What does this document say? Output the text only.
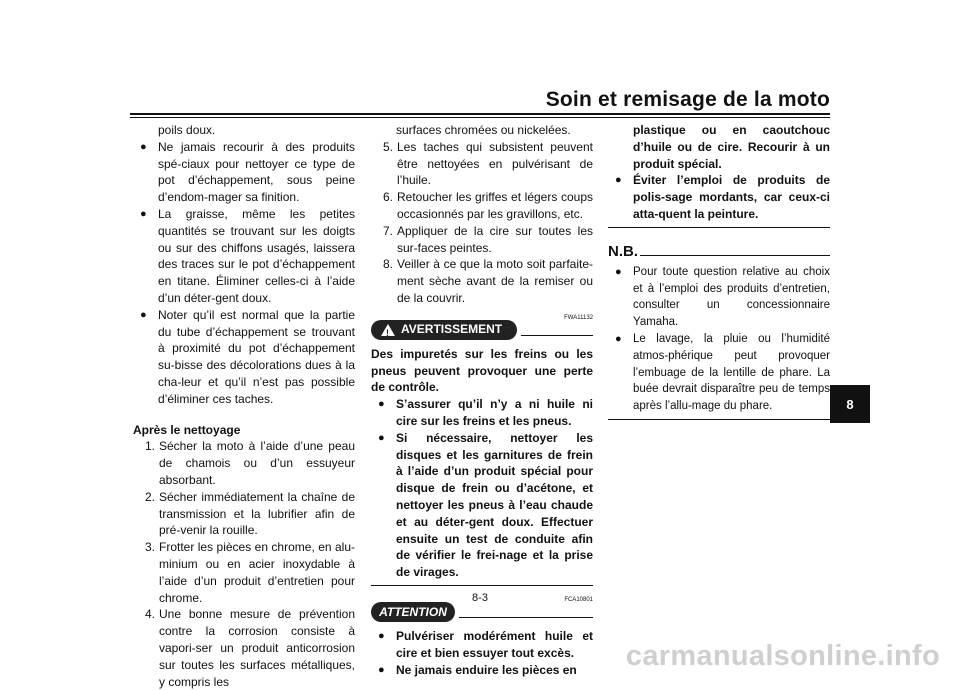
Soin et remisage de la moto
8
poils doux.
● Ne jamais recourir à des produits spé-ciaux pour nettoyer ce type de pot d’échappement, sous peine d’endom-mager sa finition.
● La graisse, même les petites quantités se trouvant sur les doigts ou sur des chiffons usagés, laissera des traces sur le pot d’échappement en titane. Éliminer celles-ci à l’aide d’un déter-gent doux.
● Noter qu’il est normal que la partie du tube d’échappement se trouvant à proximité du pot d’échappement su-bisse des décolorations dues à la cha-leur et qu’il n’est pas possible d’éliminer ces taches.
Après le nettoyage
1. Sécher la moto à l’aide d’une peau de chamois ou d’un essuyeur absorbant.
2. Sécher immédiatement la chaîne de transmission et la lubrifier afin de pré-venir la rouille.
3. Frotter les pièces en chrome, en alu-minium ou en acier inoxydable à l’aide d’un produit d’entretien pour chrome.
4. Une bonne mesure de prévention contre la corrosion consiste à vapori-ser un produit anticorrosion sur toutes les surfaces métalliques, y compris les
surfaces chromées ou nickelées.
5. Les taches qui subsistent peuvent être nettoyées en pulvérisant de l’huile.
6. Retoucher les griffes et légers coups occasionnés par les gravillons, etc.
7. Appliquer de la cire sur toutes les sur-faces peintes.
8. Veiller à ce que la moto soit parfaite-ment sèche avant de la remiser ou de la couvrir.
FWA11132
!
AVERTISSEMENT
Des impuretés sur les freins ou les pneus peuvent provoquer une perte de contrôle.
● S’assurer qu’il n’y a ni huile ni cire sur les freins et les pneus.
● Si nécessaire, nettoyer les disques et les garnitures de frein à l’aide d’un produit spécial pour disque de frein ou d’acétone, et nettoyer les pneus à l’eau chaude et au déter-gent doux. Effectuer ensuite un test de conduite afin de vérifier le frei-nage et la prise de virages.
FCA10801
ATTENTION
● Pulvériser modérément huile et cire et bien essuyer tout excès.
● Ne jamais enduire les pièces en
plastique ou en caoutchouc d’huile ou de cire. Recourir à un produit spécial.
● Éviter l’emploi de produits de polis-sage mordants, car ceux-ci atta-quent la peinture.
N.B.
● Pour toute question relative au choix et à l’emploi des produits d’entretien, consulter un concessionnaire Yamaha.
● Le lavage, la pluie ou l’humidité atmos-phérique peut provoquer l’embuage de la lentille de phare. La buée devrait disparaître peu de temps après l’allu-mage du phare.
8-3
carmanualsonline.info
